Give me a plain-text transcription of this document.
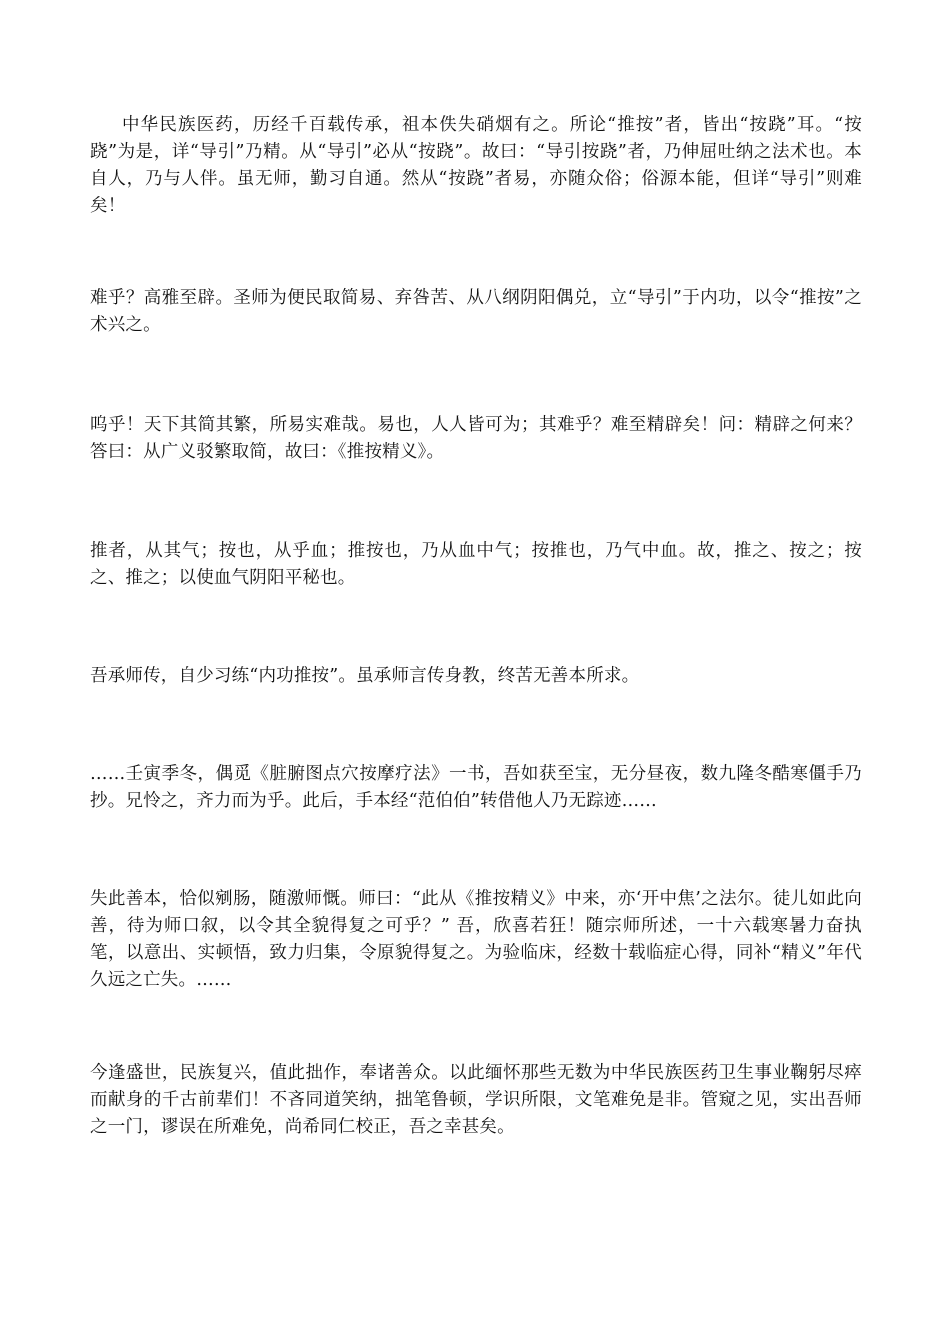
中华民族医药，历经千百载传承，祖本佚失硝烟有之。所论“推按”者，皆出“按跷”耳。“按跷”为是，详“导引”乃精。从“导引”必从“按跷”。故曰：“导引按跷”者，乃伸屈吐纳之法术也。本自人，乃与人伴。虽无师，勤习自通。然从“按跷”者易，亦随众俗；俗源本能，但详“导引”则难矣！

难乎？高雅至辟。圣师为便民取简易、弃咎苦、从八纲阴阳偶兑，立“导引”于内功，以令“推按”之术兴之。

呜乎！天下其简其繁，所易实难哉。易也，人人皆可为；其难乎？难至精辟矣！问：精辟之何来？答曰：从广义驳繁取简，故曰：《推按精义》。

推者，从其气；按也，从乎血；推按也，乃从血中气；按推也，乃气中血。故，推之、按之；按之、推之；以使血气阴阳平秘也。

吾承师传，自少习练“内功推按”。虽承师言传身教，终苦无善本所求。

……壬寅季冬，偶觅《脏腑图点穴按摩疗法》一书，吾如获至宝，无分昼夜，数九隆冬酷寒僵手乃抄。兄怜之，齐力而为乎。此后，手本经“范伯伯”转借他人乃无踪迹……

失此善本，恰似剜肠，随激师慨。师曰：“此从《推按精义》中来，亦‘开中焦’之法尔。徒儿如此向善，待为师口叙，以令其全貌得复之可乎？” 吾，欣喜若狂！随宗师所述，一十六载寒暑力奋执笔，以意出、实顿悟，致力归集，令原貌得复之。为验临床，经数十载临症心得，同补“精义”年代久远之亡失。……

今逢盛世，民族复兴，值此拙作，奉诸善众。以此缅怀那些无数为中华民族医药卫生事业鞠躬尽瘁而献身的千古前辈们！不吝同道笑纳，拙笔鲁顿，学识所限，文笔难免是非。管窥之见，实出吾师之一门，谬误在所难免，尚希同仁校正，吾之幸甚矣。
